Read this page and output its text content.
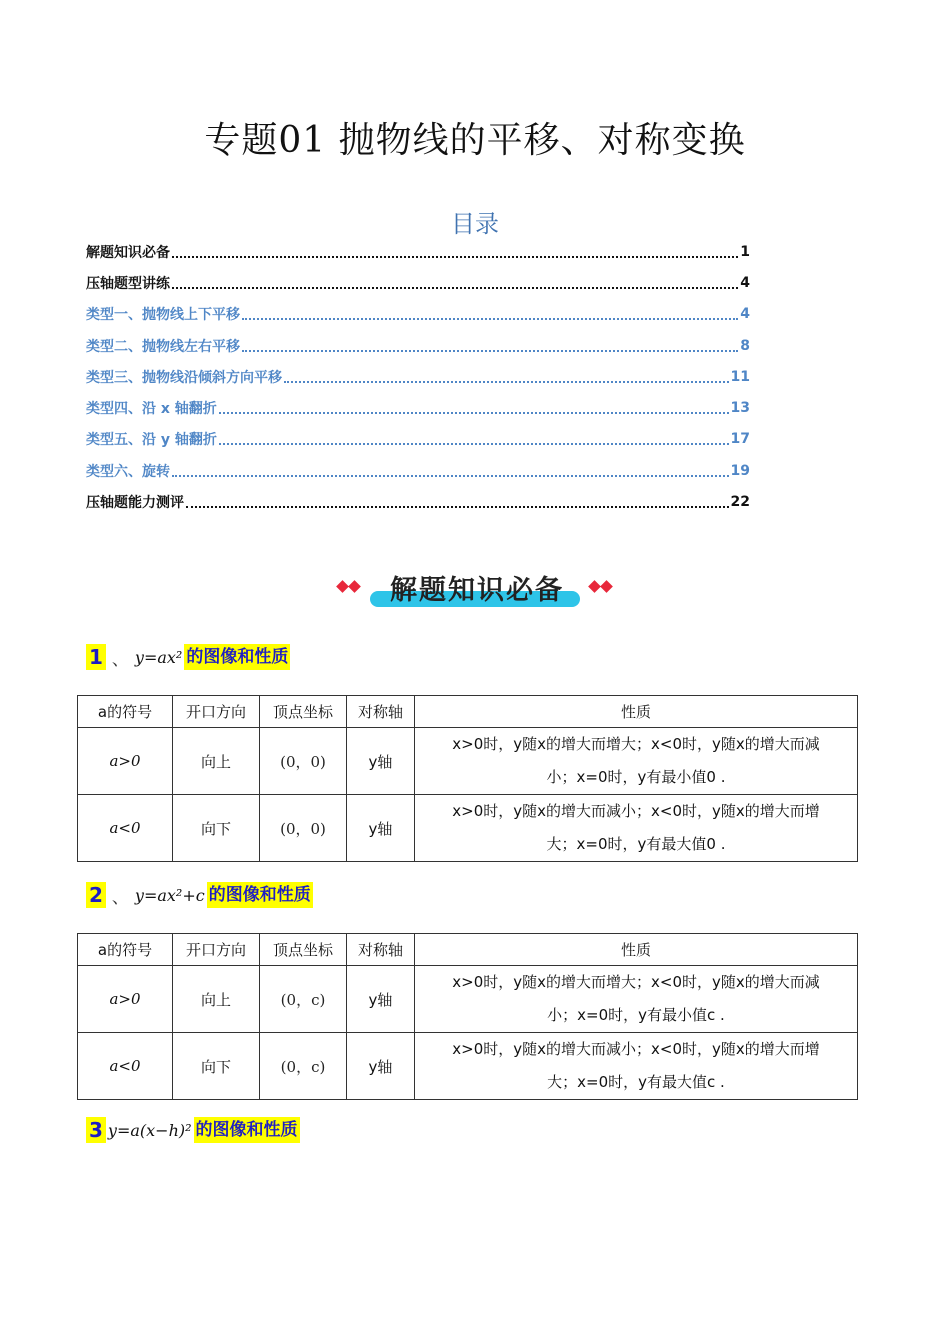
专题01 抛物线的平移、对称变换
目录
解题知识必备	1
压轴题型讲练	4
类型一、抛物线上下平移	4
类型二、抛物线左右平移	8
类型三、抛物线沿倾斜方向平移	11
类型四、沿 x 轴翻折	13
类型五、沿 y 轴翻折	17
类型六、旋转	19
压轴题能力测评	22
解题知识必备
1 、 y=ax² 的图像和性质
a的符号	开口方向	顶点坐标	对称轴	性质
a>0	向上	(0，0)	y轴	x>0时，y随x的增大而增大；x<0时，y随x的增大而减
小；x=0时，y有最小值0 .

a<0	向下	(0，0)	y轴	x>0时，y随x的增大而减小；x<0时，y随x的增大而增
大；x=0时，y有最大值0 .
2 、 y=ax²+c 的图像和性质
a的符号	开口方向	顶点坐标	对称轴	性质
a>0	向上	(0，c)	y轴	x>0时，y随x的增大而增大；x<0时，y随x的增大而减
小；x=0时，y有最小值c .

a<0	向下	(0，c)	y轴	x>0时，y随x的增大而减小；x<0时，y随x的增大而增
大；x=0时，y有最大值c .
3 y=a(x−h)² 的图像和性质
